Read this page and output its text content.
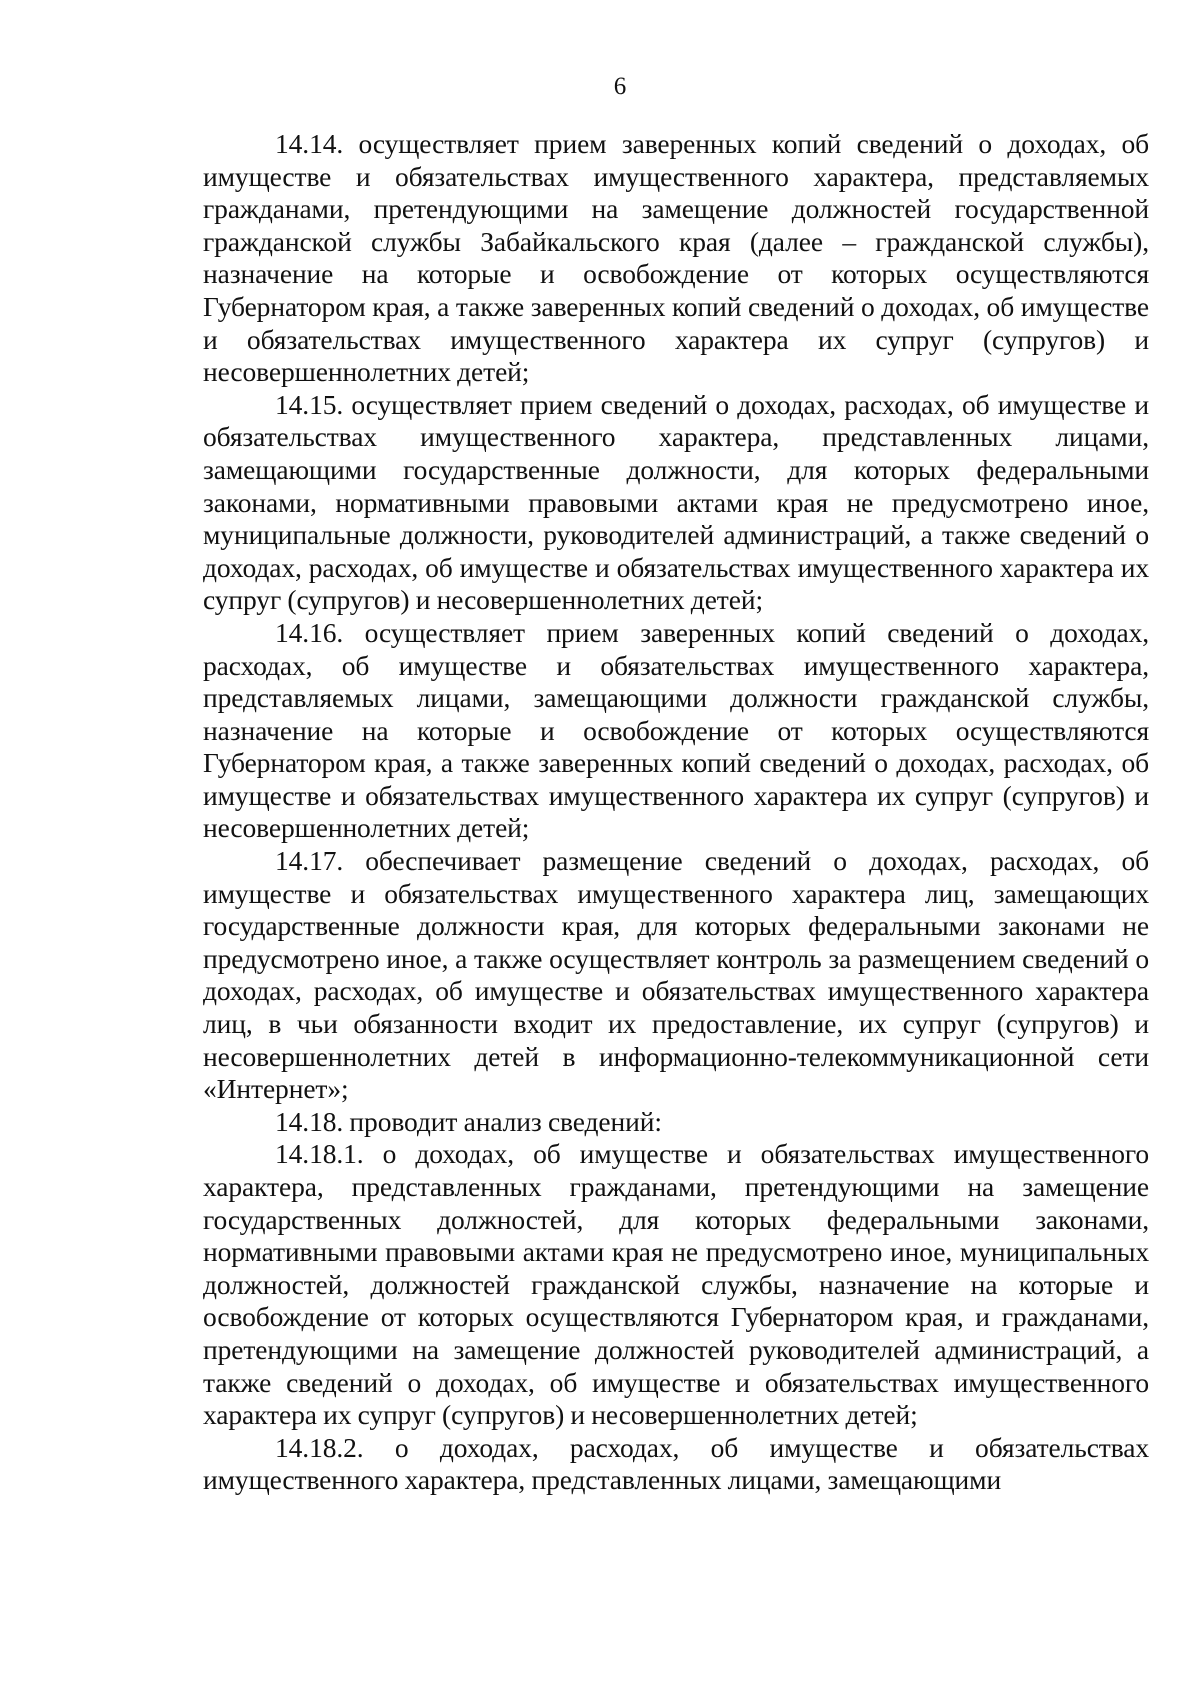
6

14.14. осуществляет прием заверенных копий сведений о доходах, об имуществе и обязательствах имущественного характера, представляемых гражданами, претендующими на замещение должностей государственной гражданской службы Забайкальского края (далее – гражданской службы), назначение на которые и освобождение от которых осуществляются Губернатором края, а также заверенных копий сведений о доходах, об имуществе и обязательствах имущественного характера их супруг (супругов) и несовершеннолетних детей;

14.15. осуществляет прием сведений о доходах, расходах, об имуществе и обязательствах имущественного характера, представленных лицами, замещающими государственные должности, для которых федеральными законами, нормативными правовыми актами края не предусмотрено иное, муниципальные должности, руководителей администраций, а также сведений о доходах, расходах, об имуществе и обязательствах имущественного характера их супруг (супругов) и несовершеннолетних детей;

14.16. осуществляет прием заверенных копий сведений о доходах, расходах, об имуществе и обязательствах имущественного характера, представляемых лицами, замещающими должности гражданской службы, назначение на которые и освобождение от которых осуществляются Губернатором края, а также заверенных копий сведений о доходах, расходах, об имуществе и обязательствах имущественного характера их супруг (супругов) и несовершеннолетних детей;

14.17. обеспечивает размещение сведений о доходах, расходах, об имуществе и обязательствах имущественного характера лиц, замещающих государственные должности края, для которых федеральными законами не предусмотрено иное, а также осуществляет контроль за размещением сведений о доходах, расходах, об имуществе и обязательствах имущественного характера лиц, в чьи обязанности входит их предоставление, их супруг (супругов) и несовершеннолетних детей в информационно-телекоммуникационной сети «Интернет»;

14.18. проводит анализ сведений:

14.18.1. о доходах, об имуществе и обязательствах имущественного характера, представленных гражданами, претендующими на замещение государственных должностей, для которых федеральными законами, нормативными правовыми актами края не предусмотрено иное, муниципальных должностей, должностей гражданской службы, назначение на которые и освобождение от которых осуществляются Губернатором края, и гражданами, претендующими на замещение должностей руководителей администраций, а также сведений о доходах, об имуществе и обязательствах имущественного характера их супруг (супругов) и несовершеннолетних детей;

14.18.2. о доходах, расходах, об имуществе и обязательствах имущественного характера, представленных лицами, замещающими
